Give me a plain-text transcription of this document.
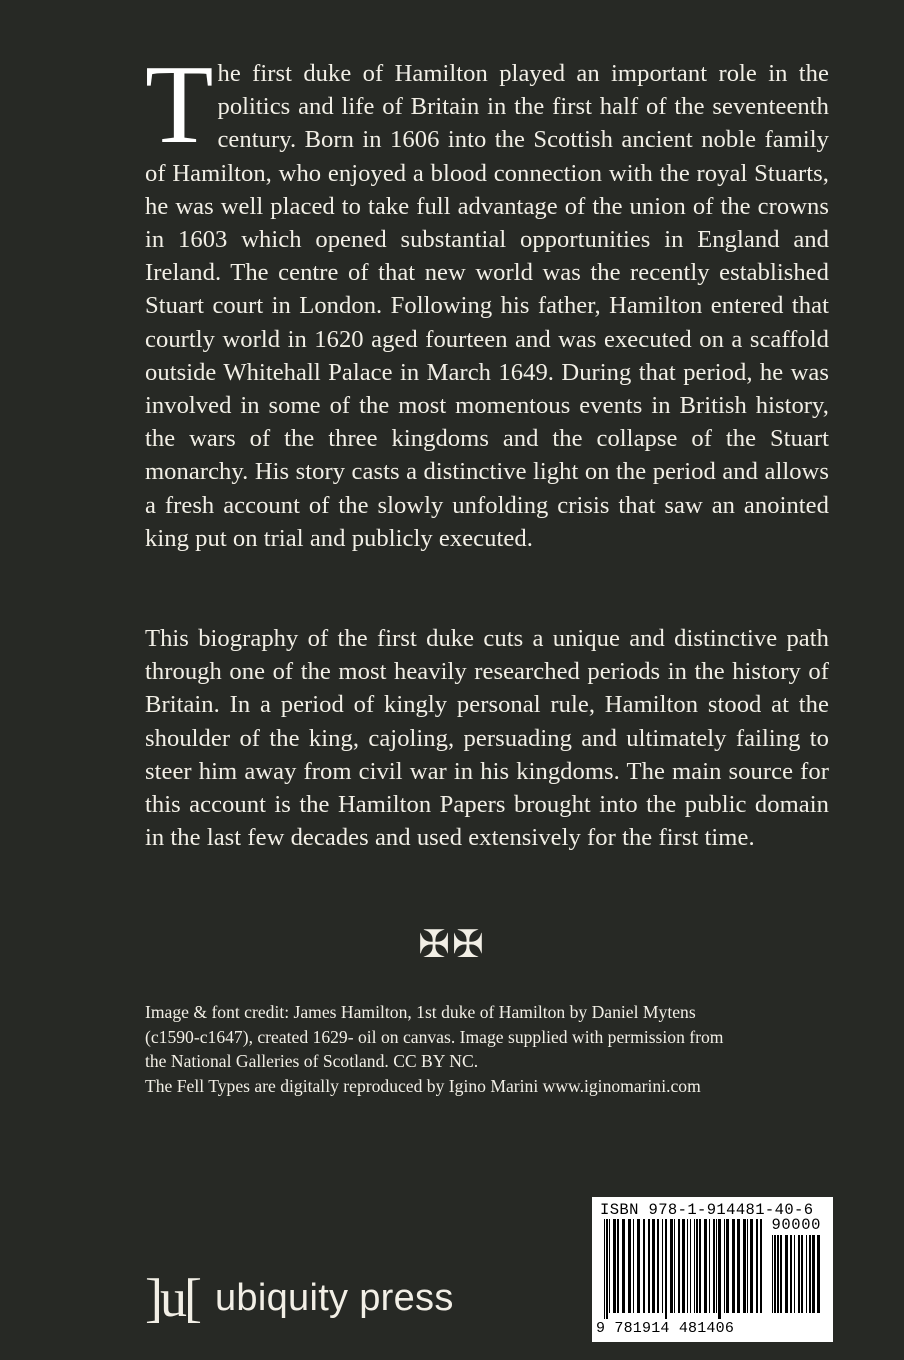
The first duke of Hamilton played an important role in the politics and life of Britain in the first half of the seventeenth century. Born in 1606 into the Scottish ancient noble family of Hamilton, who enjoyed a blood connection with the royal Stuarts, he was well placed to take full advantage of the union of the crowns in 1603 which opened substantial opportunities in England and Ireland. The centre of that new world was the recently established Stuart court in London. Following his father, Hamilton entered that courtly world in 1620 aged fourteen and was executed on a scaffold outside Whitehall Palace in March 1649. During that period, he was involved in some of the most momentous events in British history, the wars of the three kingdoms and the collapse of the Stuart monarchy. His story casts a distinctive light on the period and allows a fresh account of the slowly unfolding crisis that saw an anointed king put on trial and publicly executed.

This biography of the first duke cuts a unique and distinctive path through one of the most heavily researched periods in the history of Britain. In a period of kingly personal rule, Hamilton stood at the shoulder of the king, cajoling, persuading and ultimately failing to steer him away from civil war in his kingdoms. The main source for this account is the Hamilton Papers brought into the public domain in the last few decades and used extensively for the first time.

✠✠

Image & font credit: James Hamilton, 1st duke of Hamilton by Daniel Mytens
(c1590-c1647), created 1629- oil on canvas. Image supplied with permission from
the National Galleries of Scotland. CC BY NC.
The Fell Types are digitally reproduced by Igino Marini www.iginomarini.com

]u[ ubiquity press
ISBN 978-1-914481-40-6
90000
9 781914 481406
